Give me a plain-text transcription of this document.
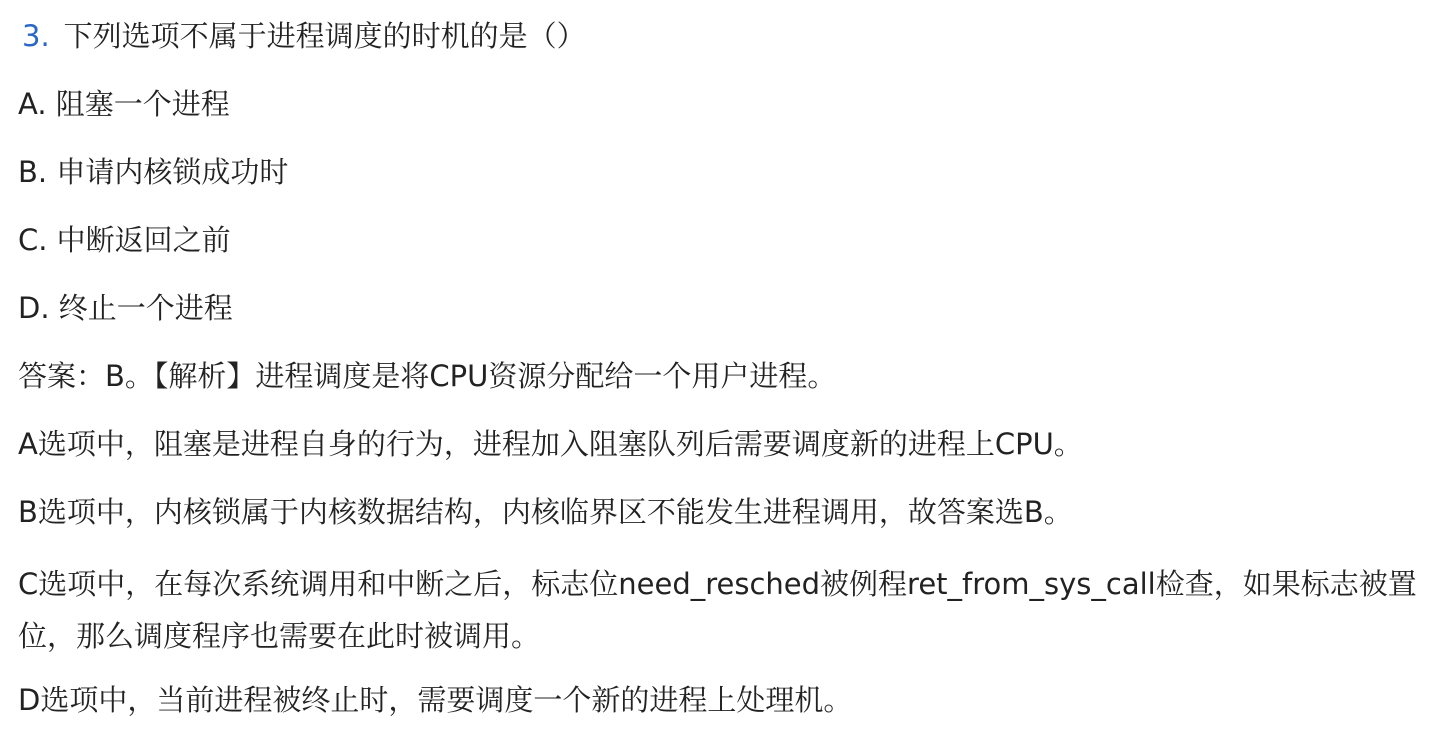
3. 下列选项不属于进程调度的时机的是（）
A. 阻塞一个进程
B. 申请内核锁成功时
C. 中断返回之前
D. 终止一个进程
答案：B。【解析】进程调度是将CPU资源分配给一个用户进程。
A选项中，阻塞是进程自身的行为，进程加入阻塞队列后需要调度新的进程上CPU。
B选项中，内核锁属于内核数据结构，内核临界区不能发生进程调用，故答案选B。
C选项中，在每次系统调用和中断之后，标志位need_resched被例程ret_from_sys_call检查，如果标志被置位，那么调度程序也需要在此时被调用。
D选项中，当前进程被终止时，需要调度一个新的进程上处理机。
